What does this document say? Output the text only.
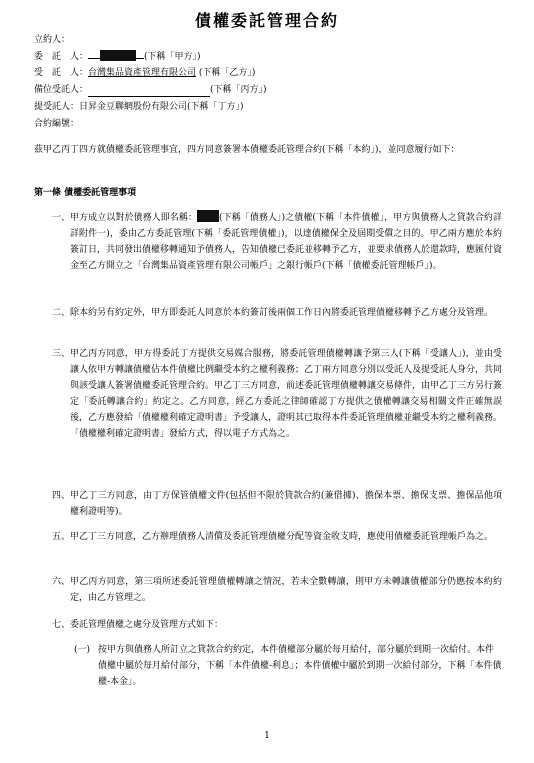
債權委託管理合約
立約人：
委　託　人：	(下稱「甲方」)
受　託　人：台灣集品資產管理有限公司 (下稱「乙方」)
備位受託人：	(下稱「丙方」)
提受託人：日昇金豆聯網股份有限公司(下稱「丁方」)
合約編號：
茲甲乙丙丁四方就債權委託管理事宜，四方同意簽署本債權委託管理合約(下稱「本約」)，並同意履行如下：
第一條 債權委託管理事項
一、 甲方成立以對於債務人即名稱： (下稱「債務人」)之債權(下稱「本件債權」，甲方與債務人之貸款合約詳詳附件一)，委由乙方委託管理(下稱「委託管理債權」)，以達債權保全及屆期受償之目的。甲乙兩方應於本約簽訂日，共同發出債權移轉通知予債務人，告知債權已委託並移轉予乙方，並要求債務人於還款時，應匯付資金至乙方開立之「台灣集品資產管理有限公司帳戶」之銀行帳戶(下稱「債權委託管理帳戶」)。
二、 除本約另有約定外，甲方即委託人同意於本約簽訂後兩個工作日內將委託管理債權移轉予乙方處分及管理。
三、 甲乙丙方同意，甲方得委託丁方提供交易媒合服務，將委託管理債權轉讓予第三人(下稱「受讓人」)，並由受讓人依甲方轉讓債權佔本件債權比例繼受本約之權利義務；乙丁兩方同意分別以受託人及提受託人身分，共同與該受讓人簽署債權委託管理合約。甲乙丁三方同意，前述委託管理債權轉讓交易條件，由甲乙丁三方另行簽定「委託轉讓合約」約定之。乙方同意，經乙方委託之律師確認丁方提供之債權轉讓交易相關文件正確無誤後，乙方應發給「債權權利確定證明書」予受讓人，證明其已取得本件委託管理債權並繼受本約之權利義務。「債權權利確定證明書」發給方式，得以電子方式為之。
四、 甲乙丁三方同意，由丁方保管債權文件(包括但不限於貸款合約(兼借據)、擔保本票、擔保支票、擔保品他項權利證明等)。
五、 甲乙丁三方同意，乙方辦理債務人清償及委託管理債權分配等資金收支時，應使用債權委託管理帳戶為之。
六、 甲乙丙方同意，第三項所述委託管理債權轉讓之情況，若未全數轉讓，則甲方未轉讓債權部分仍應按本約約定，由乙方管理之。
七、 委託管理債權之處分及管理方式如下：
(一) 按甲方與債務人所訂立之貸款合約約定，本件債權部分屬於每月給付，部分屬於到期一次給付。本件債權中屬於每月給付部分，下稱「本件債權-利息」；本件債權中屬於到期一次給付部分，下稱「本件債權-本金」。
1
